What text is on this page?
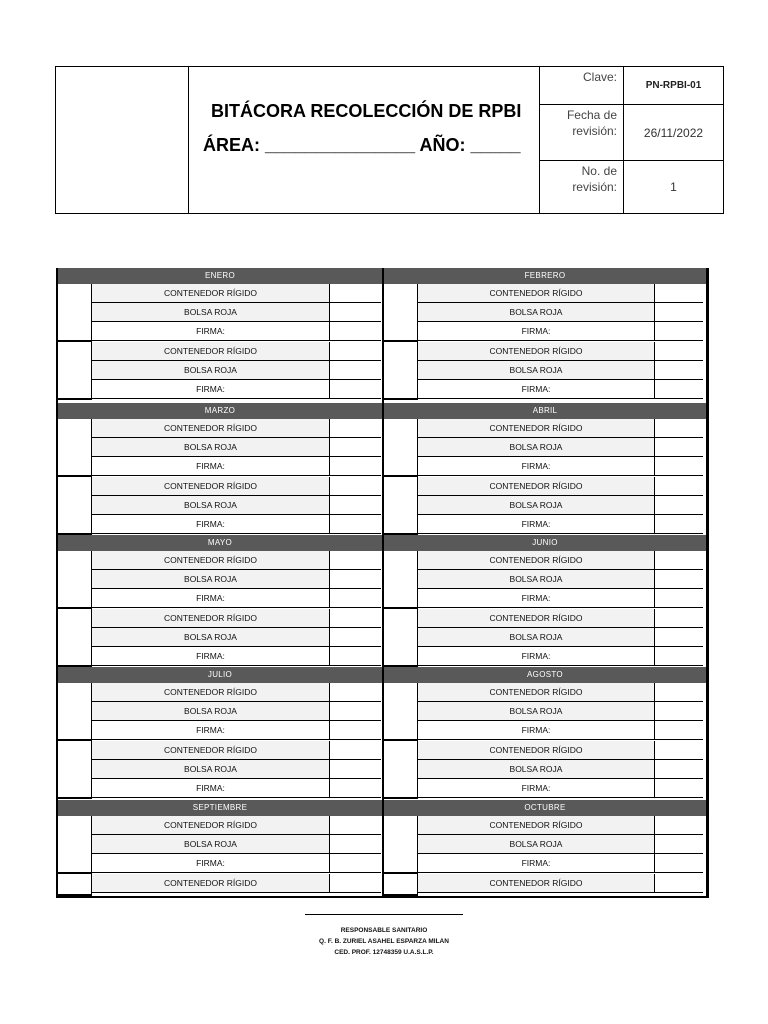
BITÁCORA RECOLECCIÓN DE RPBI
ÁREA: _______________ AÑO: _____
Clave:
PN-RPBI-01
Fecha de
revisión:	26/11/2022
No. de
revisión:	1
ENERO
CONTENEDOR RÍGIDO
BOLSA ROJA
FIRMA:
CONTENEDOR RÍGIDO
BOLSA ROJA
FIRMA:
MARZO
CONTENEDOR RÍGIDO
BOLSA ROJA
FIRMA:
CONTENEDOR RÍGIDO
BOLSA ROJA
FIRMA:
MAYO
CONTENEDOR RÍGIDO
BOLSA ROJA
FIRMA:
CONTENEDOR RÍGIDO
BOLSA ROJA
FIRMA:
JULIO
CONTENEDOR RÍGIDO
BOLSA ROJA
FIRMA:
CONTENEDOR RÍGIDO
BOLSA ROJA
FIRMA:
SEPTIEMBRE
CONTENEDOR RÍGIDO
BOLSA ROJA
FIRMA:
CONTENEDOR RÍGIDO
FEBRERO
CONTENEDOR RÍGIDO
BOLSA ROJA
FIRMA:
CONTENEDOR RÍGIDO
BOLSA ROJA
FIRMA:
ABRIL
CONTENEDOR RÍGIDO
BOLSA ROJA
FIRMA:
CONTENEDOR RÍGIDO
BOLSA ROJA
FIRMA:
JUNIO
CONTENEDOR RÍGIDO
BOLSA ROJA
FIRMA:
CONTENEDOR RÍGIDO
BOLSA ROJA
FIRMA:
AGOSTO
CONTENEDOR RÍGIDO
BOLSA ROJA
FIRMA:
CONTENEDOR RÍGIDO
BOLSA ROJA
FIRMA:
OCTUBRE
CONTENEDOR RÍGIDO
BOLSA ROJA
FIRMA:
CONTENEDOR RÍGIDO
RESPONSABLE SANITARIO
Q. F. B. ZURIEL ASAHEL ESPARZA MILAN
CED. PROF. 12748359 U.A.S.L.P.
